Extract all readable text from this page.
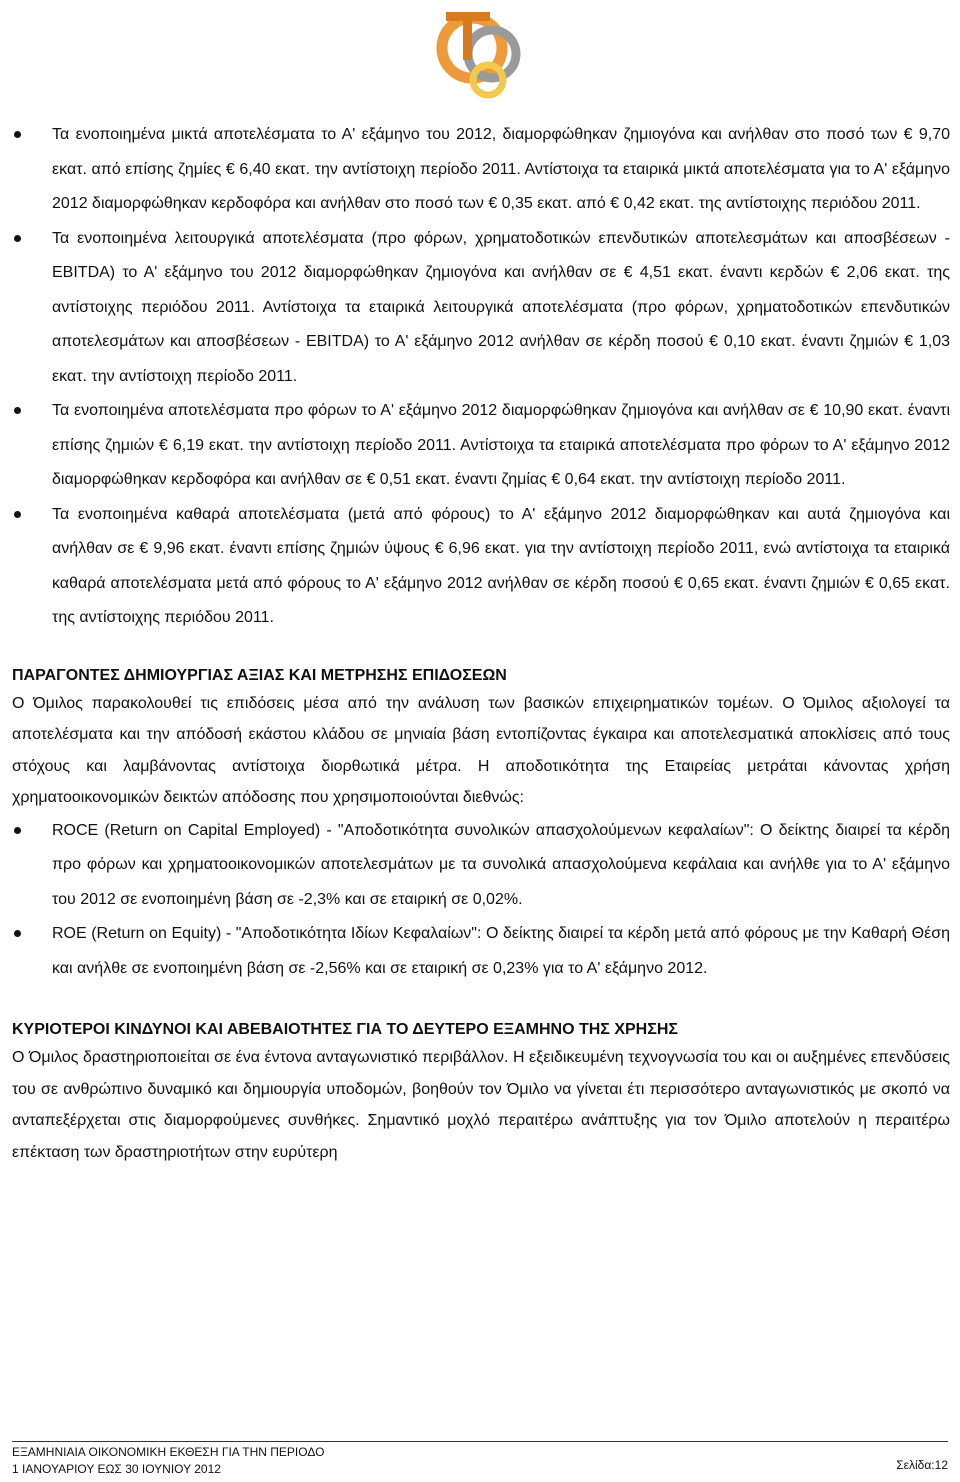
Τα ενοποιημένα μικτά αποτελέσματα το Α' εξάμηνο του 2012, διαμορφώθηκαν ζημιογόνα και ανήλθαν στο ποσό των € 9,70 εκατ. από επίσης ζημίες € 6,40 εκατ. την αντίστοιχη περίοδο 2011. Αντίστοιχα τα εταιρικά μικτά αποτελέσματα για το Α' εξάμηνο 2012 διαμορφώθηκαν κερδοφόρα και ανήλθαν στο ποσό των € 0,35 εκατ. από € 0,42 εκατ. της αντίστοιχης περιόδου 2011.
Τα ενοποιημένα λειτουργικά αποτελέσματα (προ φόρων, χρηματοδοτικών επενδυτικών αποτελεσμάτων και αποσβέσεων - EBITDA) το Α' εξάμηνο του 2012 διαμορφώθηκαν ζημιογόνα και ανήλθαν σε € 4,51 εκατ. έναντι κερδών € 2,06 εκατ. της αντίστοιχης περιόδου 2011. Αντίστοιχα τα εταιρικά λειτουργικά αποτελέσματα (προ φόρων, χρηματοδοτικών επενδυτικών αποτελεσμάτων και αποσβέσεων - EBITDA) το Α' εξάμηνο 2012 ανήλθαν σε κέρδη ποσού € 0,10 εκατ. έναντι ζημιών € 1,03 εκατ. την αντίστοιχη περίοδο 2011.
Τα ενοποιημένα αποτελέσματα προ φόρων το Α' εξάμηνο 2012 διαμορφώθηκαν ζημιογόνα και ανήλθαν σε € 10,90 εκατ. έναντι επίσης ζημιών € 6,19 εκατ. την αντίστοιχη περίοδο 2011. Αντίστοιχα τα εταιρικά αποτελέσματα προ φόρων το Α' εξάμηνο 2012 διαμορφώθηκαν κερδοφόρα και ανήλθαν σε € 0,51 εκατ. έναντι ζημίας € 0,64 εκατ. την αντίστοιχη περίοδο 2011.
Τα ενοποιημένα καθαρά αποτελέσματα (μετά από φόρους) το Α' εξάμηνο 2012 διαμορφώθηκαν και αυτά ζημιογόνα και ανήλθαν σε € 9,96 εκατ. έναντι επίσης ζημιών ύψους € 6,96 εκατ. για την αντίστοιχη περίοδο 2011, ενώ αντίστοιχα τα εταιρικά καθαρά αποτελέσματα μετά από φόρους το Α' εξάμηνο 2012 ανήλθαν σε κέρδη ποσού € 0,65 εκατ. έναντι ζημιών € 0,65 εκατ. της αντίστοιχης περιόδου 2011.

ΠΑΡΑΓΟΝΤΕΣ ΔΗΜΙΟΥΡΓΙΑΣ ΑΞΙΑΣ ΚΑΙ ΜΕΤΡΗΣΗΣ ΕΠΙΔΟΣΕΩΝ

Ο Όμιλος παρακολουθεί τις επιδόσεις μέσα από την ανάλυση των βασικών επιχειρηματικών τομέων. Ο Όμιλος αξιολογεί τα αποτελέσματα και την απόδοσή εκάστου κλάδου σε μηνιαία βάση εντοπίζοντας έγκαιρα και αποτελεσματικά αποκλίσεις από τους στόχους και λαμβάνοντας αντίστοιχα διορθωτικά μέτρα. Η αποδοτικότητα της Εταιρείας μετράται κάνοντας χρήση χρηματοοικονομικών δεικτών απόδοσης που χρησιμοποιούνται διεθνώς:

ROCE (Return on Capital Employed) - "Αποδοτικότητα συνολικών απασχολούμενων κεφαλαίων": Ο δείκτης διαιρεί τα κέρδη προ φόρων και χρηματοοικονομικών αποτελεσμάτων με τα συνολικά απασχολούμενα κεφάλαια και ανήλθε για το Α' εξάμηνο του 2012 σε ενοποιημένη βάση σε -2,3% και σε εταιρική σε 0,02%.
ROE (Return on Equity) - "Αποδοτικότητα Ιδίων Κεφαλαίων": Ο δείκτης διαιρεί τα κέρδη μετά από φόρους με την Καθαρή Θέση και ανήλθε σε ενοποιημένη βάση σε -2,56% και σε εταιρική σε 0,23% για το Α' εξάμηνο 2012.

ΚΥΡΙΟΤΕΡΟΙ ΚΙΝΔΥΝΟΙ ΚΑΙ ΑΒΕΒΑΙΟΤΗΤΕΣ ΓΙΑ ΤΟ ΔΕΥΤΕΡΟ ΕΞΑΜΗΝΟ ΤΗΣ ΧΡΗΣΗΣ

Ο Όμιλος δραστηριοποιείται σε ένα έντονα ανταγωνιστικό περιβάλλον. Η εξειδικευμένη τεχνογνωσία του και οι αυξημένες επενδύσεις του σε ανθρώπινο δυναμικό και δημιουργία υποδομών, βοηθούν τον Όμιλο να γίνεται έτι περισσότερο ανταγωνιστικός με σκοπό να ανταπεξέρχεται στις διαμορφούμενες συνθήκες. Σημαντικό μοχλό περαιτέρω ανάπτυξης για τον Όμιλο αποτελούν η περαιτέρω επέκταση των δραστηριοτήτων στην ευρύτερη

ΕΞΑΜΗΝΙΑΙΑ ΟΙΚΟΝΟΜΙΚΗ ΕΚΘΕΣΗ ΓΙΑ ΤΗΝ ΠΕΡΙΟΔΟ
1 ΙΑΝΟΥΑΡΙΟΥ ΕΩΣ 30 ΙΟΥΝΙΟΥ 2012	Σελίδα:12
